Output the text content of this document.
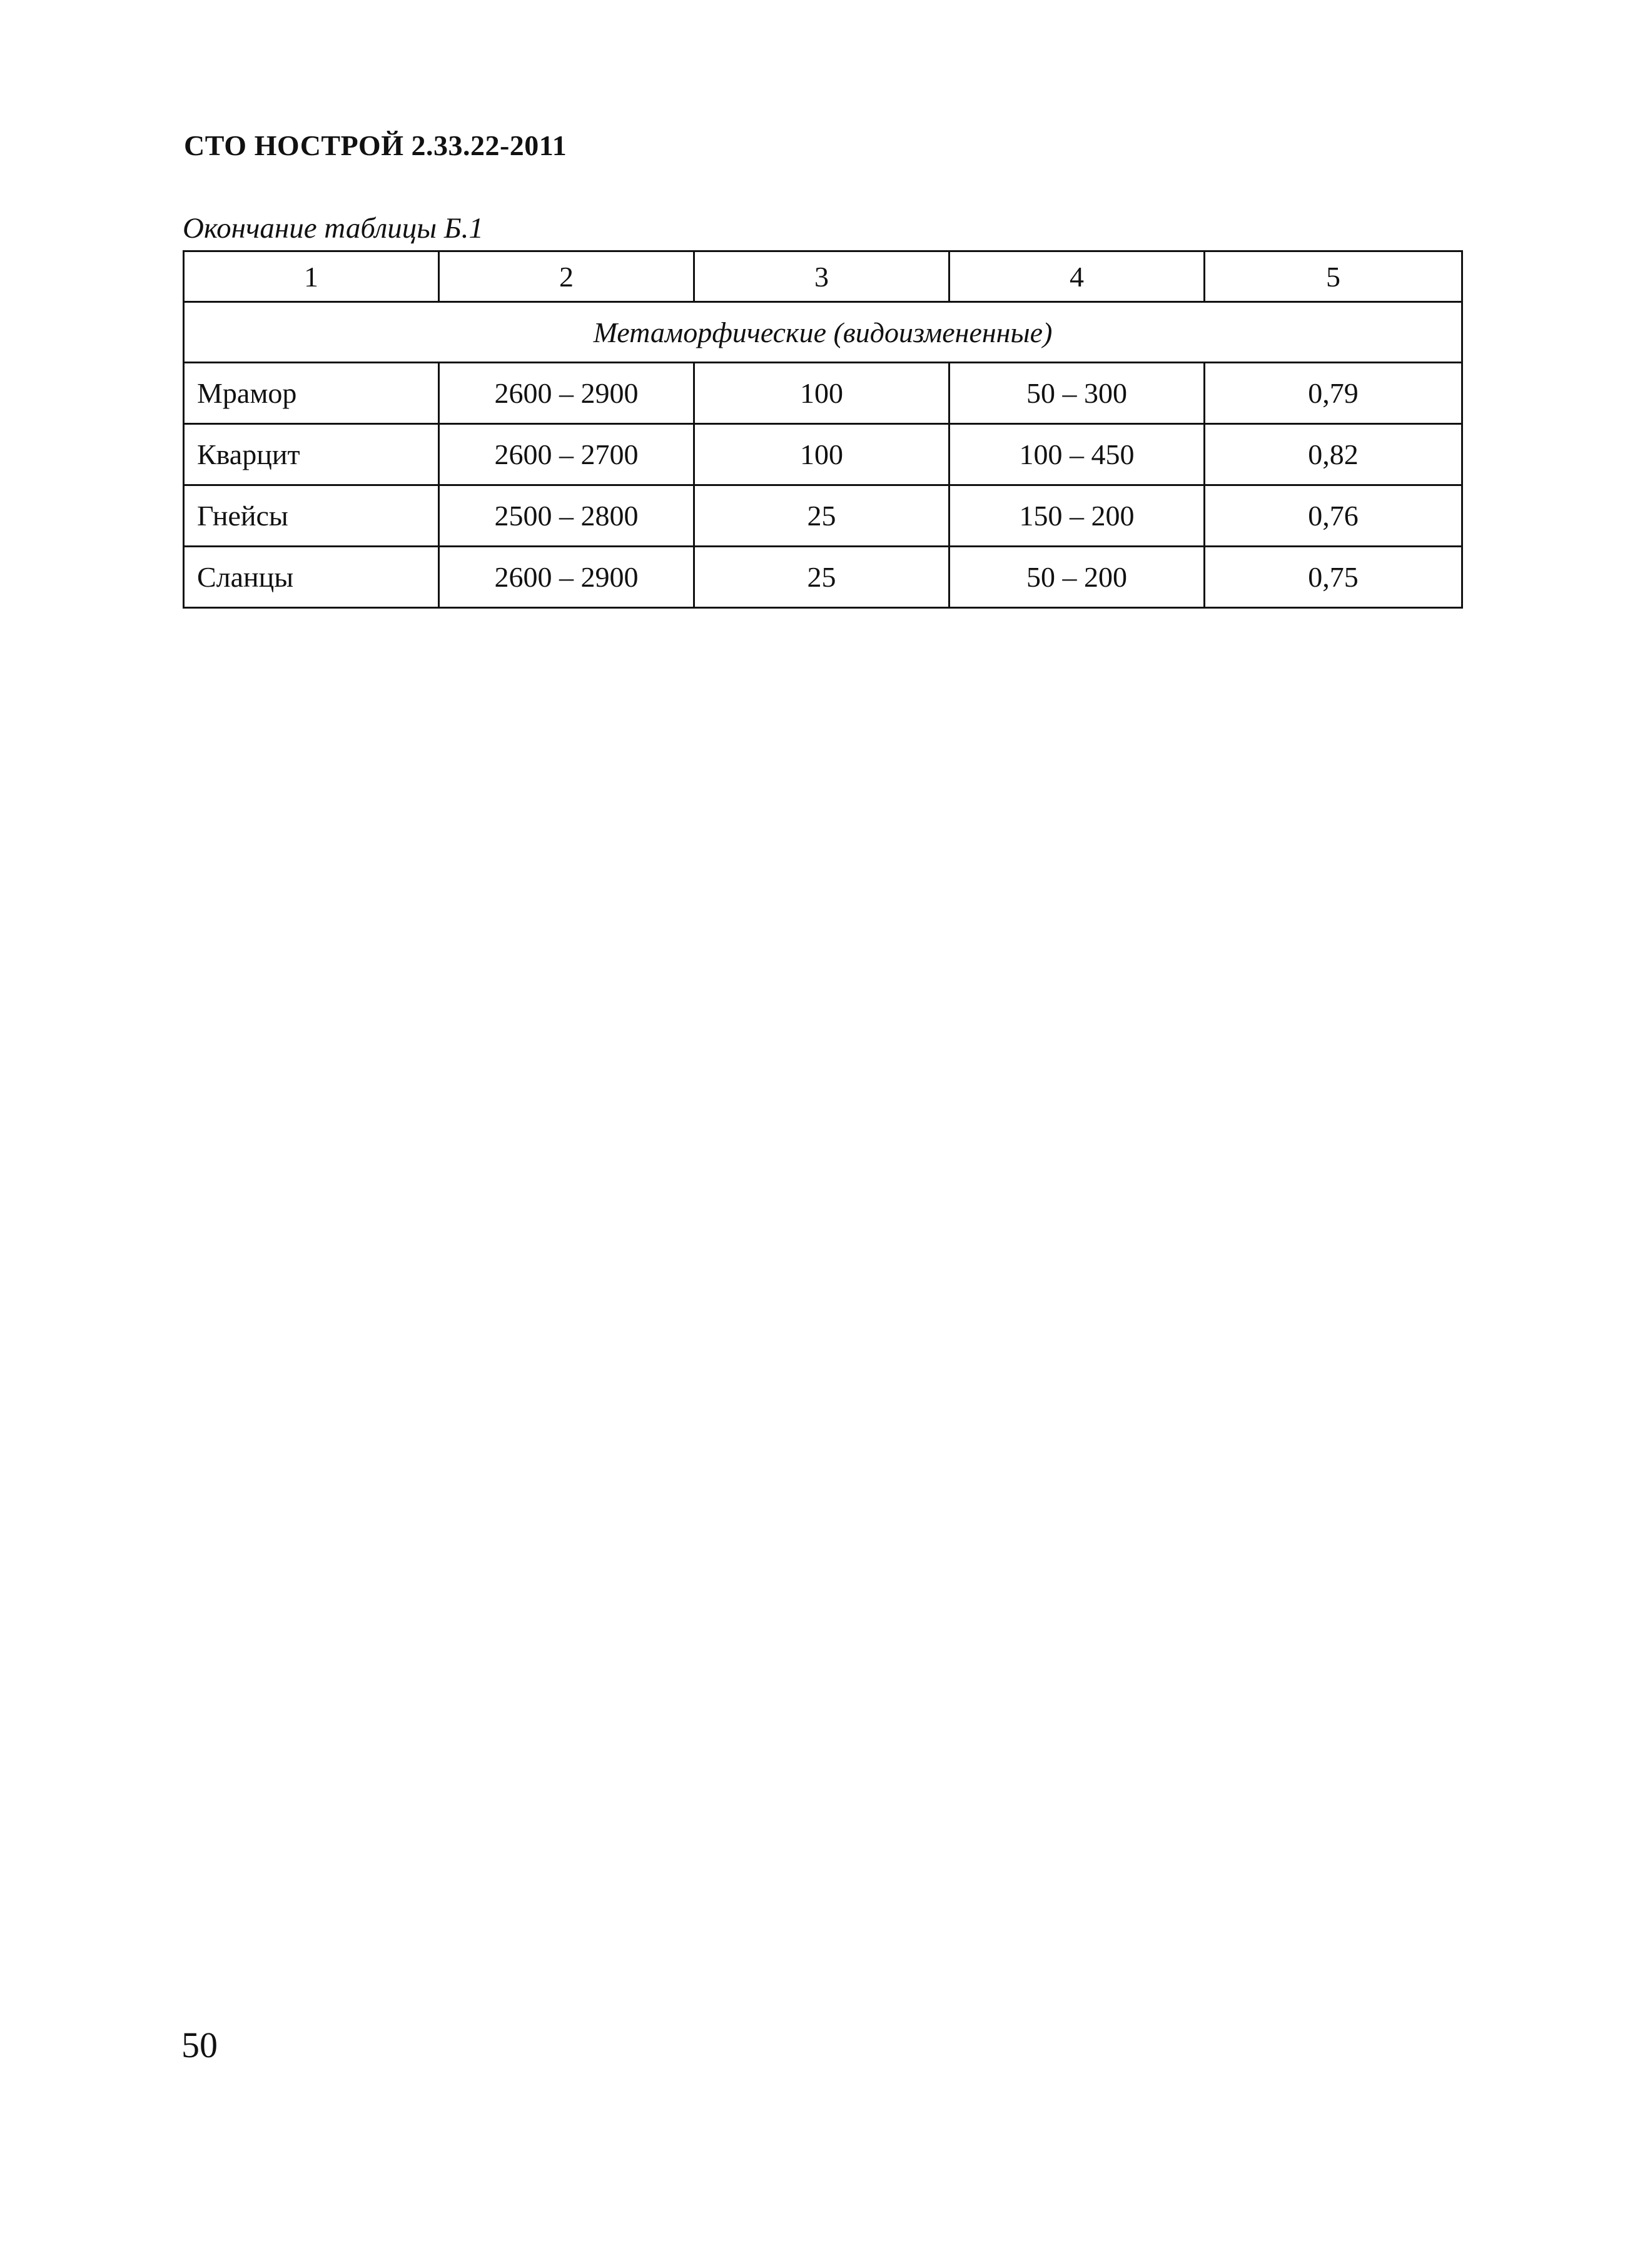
СТО НОСТРОЙ 2.33.22-2011
Окончание таблицы Б.1
1	2	3	4	5
Метаморфические (видоизмененные)				
Мрамор	2600 – 2900	100	50 – 300	0,79
Кварцит	2600 – 2700	100	100 – 450	0,82
Гнейсы	2500 – 2800	25	150 – 200	0,76
Сланцы	2600 – 2900	25	50 – 200	0,75
50
